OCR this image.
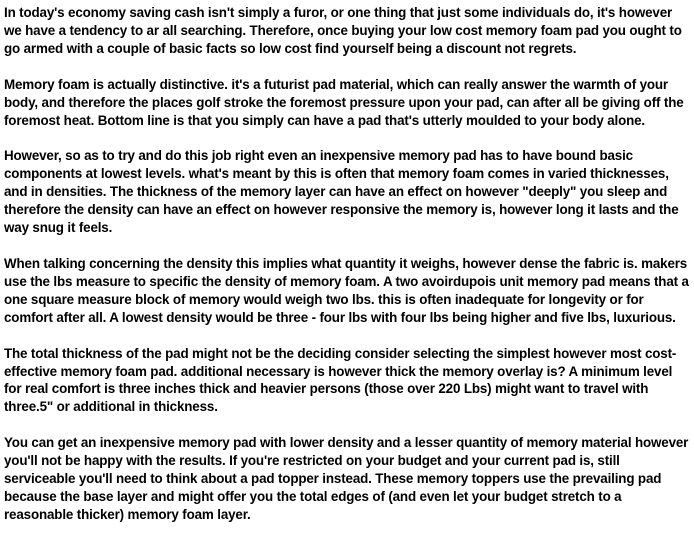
In today's economy saving cash isn't simply a furor, or one thing that just some individuals do, it's however we have a tendency to ar all searching. Therefore, once buying your low cost memory foam pad you ought to go armed with a couple of basic facts so low cost find yourself being a discount not regrets.

Memory foam is actually distinctive. it's a futurist pad material, which can really answer the warmth of your body, and therefore the places golf stroke the foremost pressure upon your pad, can after all be giving off the foremost heat. Bottom line is that you simply can have a pad that's utterly moulded to your body alone.

However, so as to try and do this job right even an inexpensive memory pad has to have bound basic components at lowest levels. what's meant by this is often that memory foam comes in varied thicknesses, and in densities. The thickness of the memory layer can have an effect on however "deeply" you sleep and therefore the density can have an effect on however responsive the memory is, however long it lasts and the way snug it feels.

When talking concerning the density this implies what quantity it weighs, however dense the fabric is. makers use the lbs measure to specific the density of memory foam. A two avoirdupois unit memory pad means that a one square measure block of memory would weigh two lbs. this is often inadequate for longevity or for comfort after all. A lowest density would be three - four lbs with four lbs being higher and five lbs, luxurious.

The total thickness of the pad might not be the deciding consider selecting the simplest however most cost-effective memory foam pad. additional necessary is however thick the memory overlay is? A minimum level for real comfort is three inches thick and heavier persons (those over 220 Lbs) might want to travel with three.5" or additional in thickness.

You can get an inexpensive memory pad with lower density and a lesser quantity of memory material however you'll not be happy with the results. If you're restricted on your budget and your current pad is, still serviceable you'll need to think about a pad topper instead. These memory toppers use the prevailing pad because the base layer and might offer you the total edges of (and even let your budget stretch to a reasonable thicker) memory foam layer.
